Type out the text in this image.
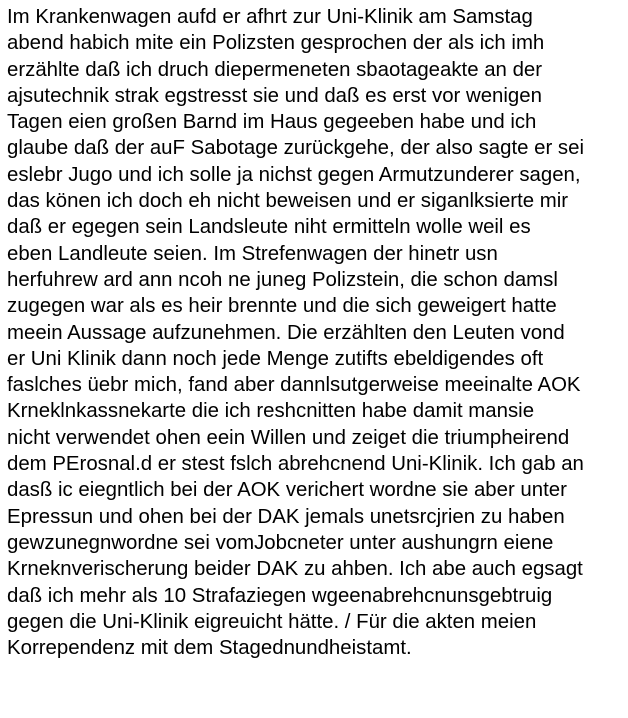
Im Krankenwagen aufd er afhrt zur Uni-Klinik am Samstag
abend habich mite ein Polizsten gesprochen der als ich imh
erzählte daß ich druch diepermeneten sbaotageakte an der
ajsutechnik strak egstresst sie und daß es erst vor wenigen
Tagen eien großen Barnd im Haus gegeeben habe und ich
glaube daß der auF Sabotage zurückgehe, der also sagte er sei
eslebr Jugo und ich solle ja nichst gegen Armutzunderer sagen,
das könen ich doch eh nicht beweisen und er siganlksierte mir
daß er egegen sein Landsleute niht ermitteln wolle weil es
eben Landleute seien. Im Strefenwagen der hinetr usn
herfuhrew ard ann ncoh ne juneg Polizstein, die schon damsl
zugegen war als es heir brennte und die sich geweigert hatte
meein Aussage aufzunehmen. Die erzählten den Leuten vond
er Uni Klinik dann noch jede Menge zutifts ebeldigendes oft
faslches üebr mich, fand aber dannlsutgerweise meeinalte AOK
Krneklnkassnekarte die ich reshcnitten habe damit mansie
nicht verwendet ohen eein Willen und zeiget die triumpheirend
dem PErosnal.d er stest fslch abrehcnend Uni-Klinik. Ich gab an
dasß ic eiegntlich bei der AOK verichert wordne sie aber unter
Epressun und ohen bei der DAK jemals unetsrcjrien zu haben
gewzunegnwordne sei vomJobcneter unter aushungrn eiene
Krneknverischerung beider DAK zu ahben. Ich abe auch egsagt
daß ich mehr als 10 Strafaziegen wgeenabrehcnunsgebtruig
gegen die Uni-Klinik eigreuicht hätte. / Für die akten meien
Korrependenz mit dem Stagednundheistamt.
